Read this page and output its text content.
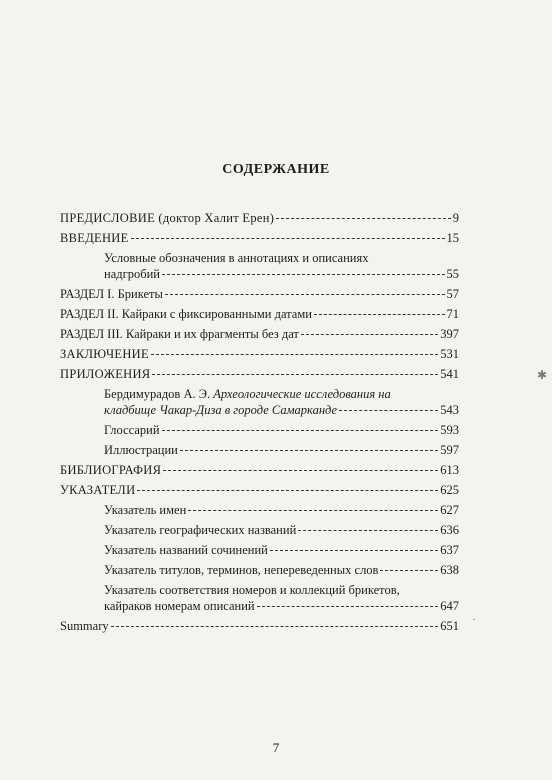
СОДЕРЖАНИЕ
ПРЕДИСЛОВИЕ (доктор Халит Ерен)	9
ВВЕДЕНИЕ	15
Условные обозначения в аннотациях и описаниях
надгробий	55
РАЗДЕЛ I. Брикеты	57
РАЗДЕЛ II. Кайраки с фиксированными датами	71
РАЗДЕЛ III. Кайраки и их фрагменты без дат	397
ЗАКЛЮЧЕНИЕ	531
ПРИЛОЖЕНИЯ	541
Бердимурадов А. Э. Археологические исследования на
кладбище Чакар-Диза в городе Самарканде	543
Глоссарий	593
Иллюстрации	597
БИБЛИОГРАФИЯ	613
УКАЗАТЕЛИ	625
Указатель имен	627
Указатель географических названий	636
Указатель названий сочинений	637
Указатель титулов, терминов, непереведенных слов	638
Указатель соответствия номеров и коллекций брикетов,
кайраков номерам описаний	647
Summary	651
✱
·
7
